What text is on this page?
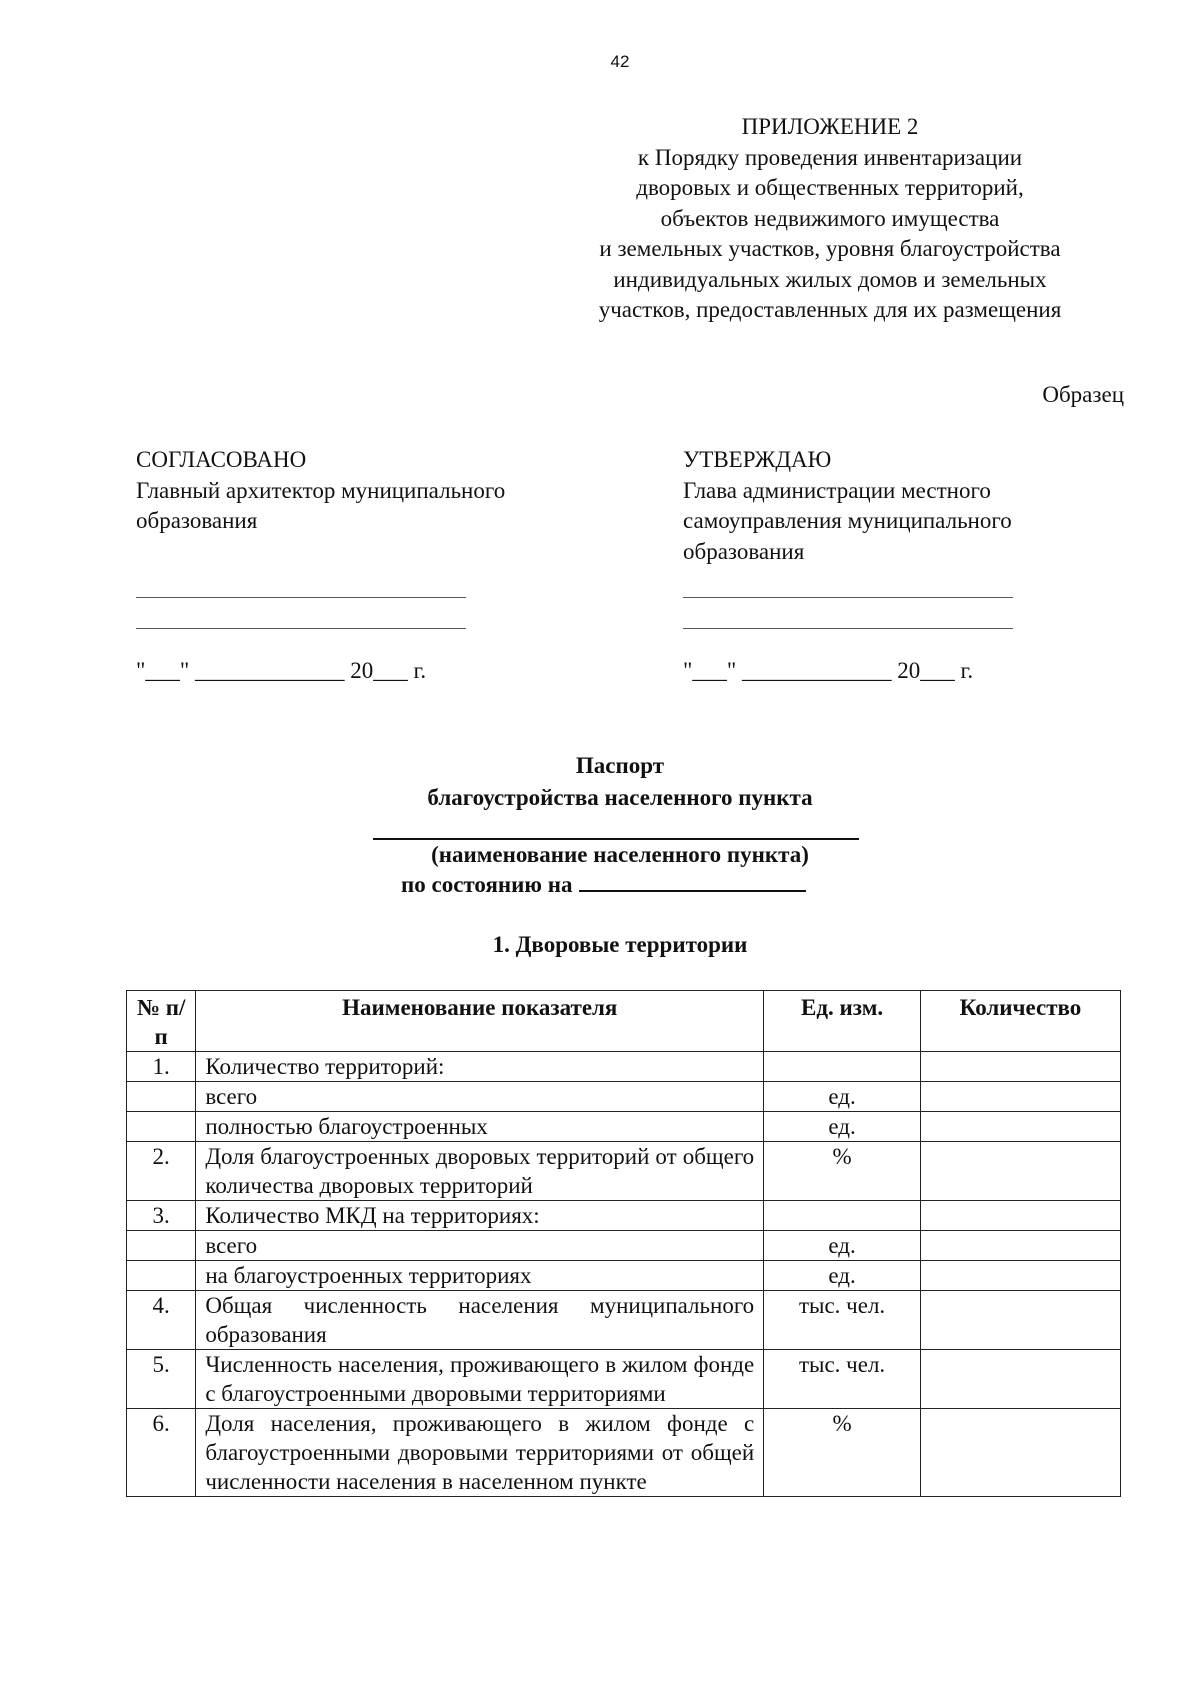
42
ПРИЛОЖЕНИЕ 2
к Порядку проведения инвентаризации
дворовых и общественных территорий,
объектов недвижимого имущества
и земельных участков, уровня благоустройства
индивидуальных жилых домов и земельных
участков, предоставленных для их размещения
Образец
СОГЛАСОВАНО
Главный архитектор муниципального
образования
УТВЕРЖДАЮ
Глава администрации местного
самоуправления муниципального
образования
"___" _____________ 20___ г.	"___" _____________ 20___ г.
Паспорт
благоустройства населенного пункта
(наименование населенного пункта)
по состоянию на
1. Дворовые территории
№ п/п	Наименование показателя	Ед. изм.	Количество
1.	Количество территорий:		
	всего	ед.	
	полностью благоустроенных	ед.	
2.	Доля благоустроенных дворовых территорий от общего количества дворовых территорий	%	
3.	Количество МКД на территориях:		
	всего	ед.	
	на благоустроенных территориях	ед.	
4.	Общая численность населения муниципального образования	тыс. чел.	
5.	Численность населения, проживающего в жилом фонде с благоустроенными дворовыми территориями	тыс. чел.	
6.	Доля населения, проживающего в жилом фонде с благоустроенными дворовыми территориями от общей численности населения в населенном пункте	%	
